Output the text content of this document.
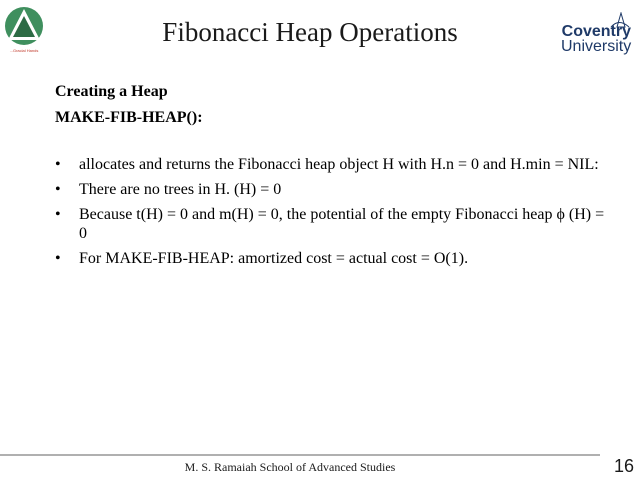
...Gracial Hands
Fibonacci Heap Operations	Coventry
University

Creating a Heap

MAKE-FIB-HEAP():

• allocates and returns the Fibonacci heap object H with H.n = 0 and H.min = NIL:
• There are no trees in H. (H) = 0
• Because t(H) = 0 and m(H) = 0, the potential of the empty Fibonacci heap ϕ (H) = 0
• For MAKE-FIB-HEAP: amortized cost = actual cost = O(1).
M. S. Ramaiah School of Advanced Studies	16
